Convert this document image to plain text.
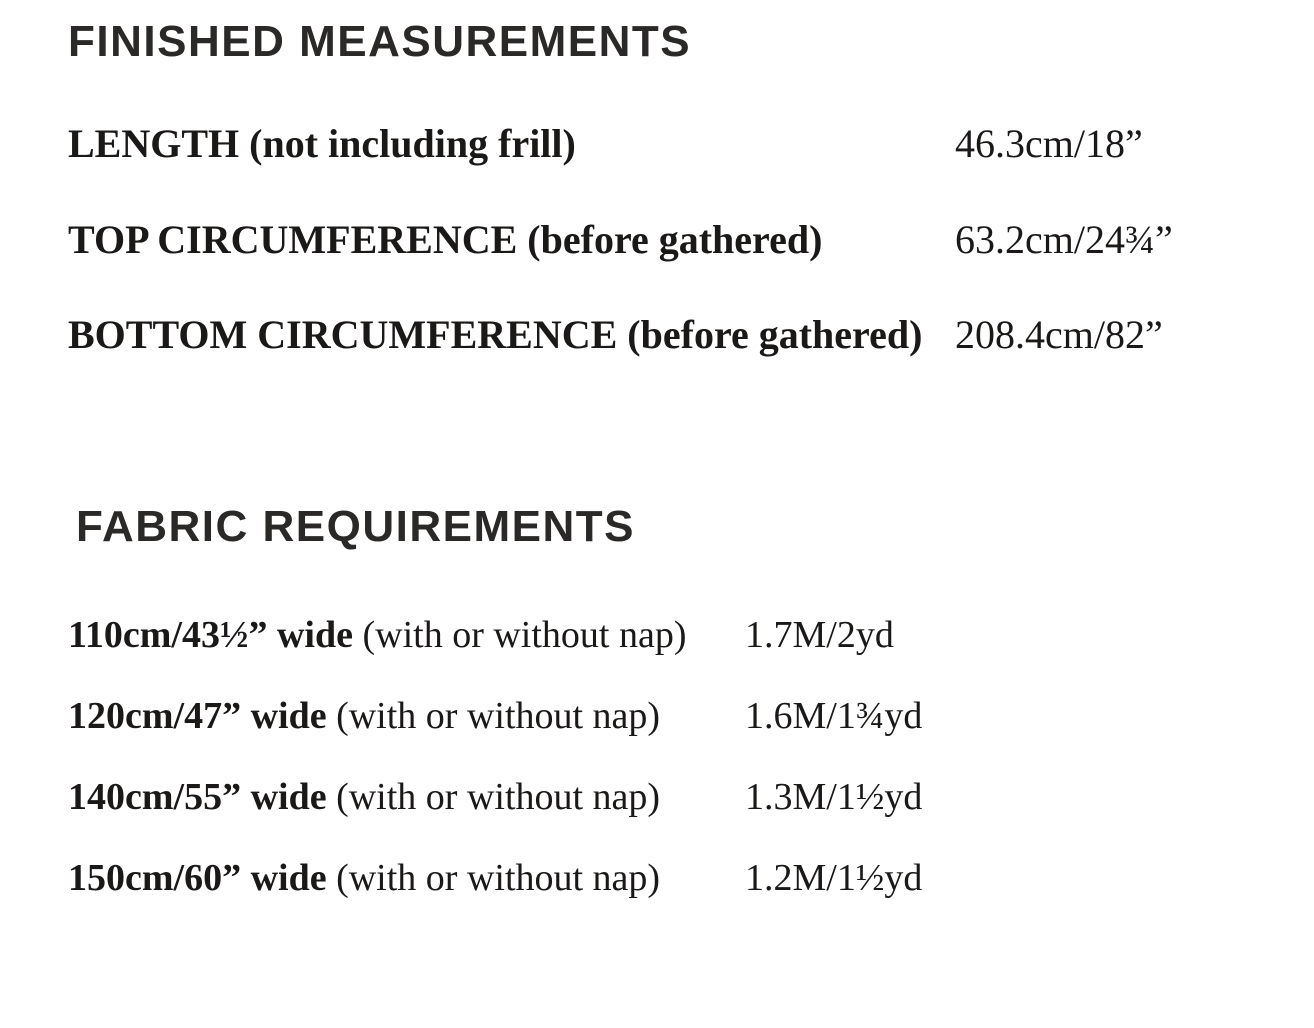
FINISHED MEASUREMENTS
LENGTH (not including frill)	46.3cm/18”
TOP CIRCUMFERENCE (before gathered)	63.2cm/24¾”
BOTTOM CIRCUMFERENCE (before gathered) 208.4cm/82”
FABRIC REQUIREMENTS
110cm/43½” wide (with or without nap) 1.7M/2yd
120cm/47” wide (with or without nap) 1.6M/1¾yd
140cm/55” wide (with or without nap) 1.3M/1½yd
150cm/60” wide (with or without nap) 1.2M/1½yd
